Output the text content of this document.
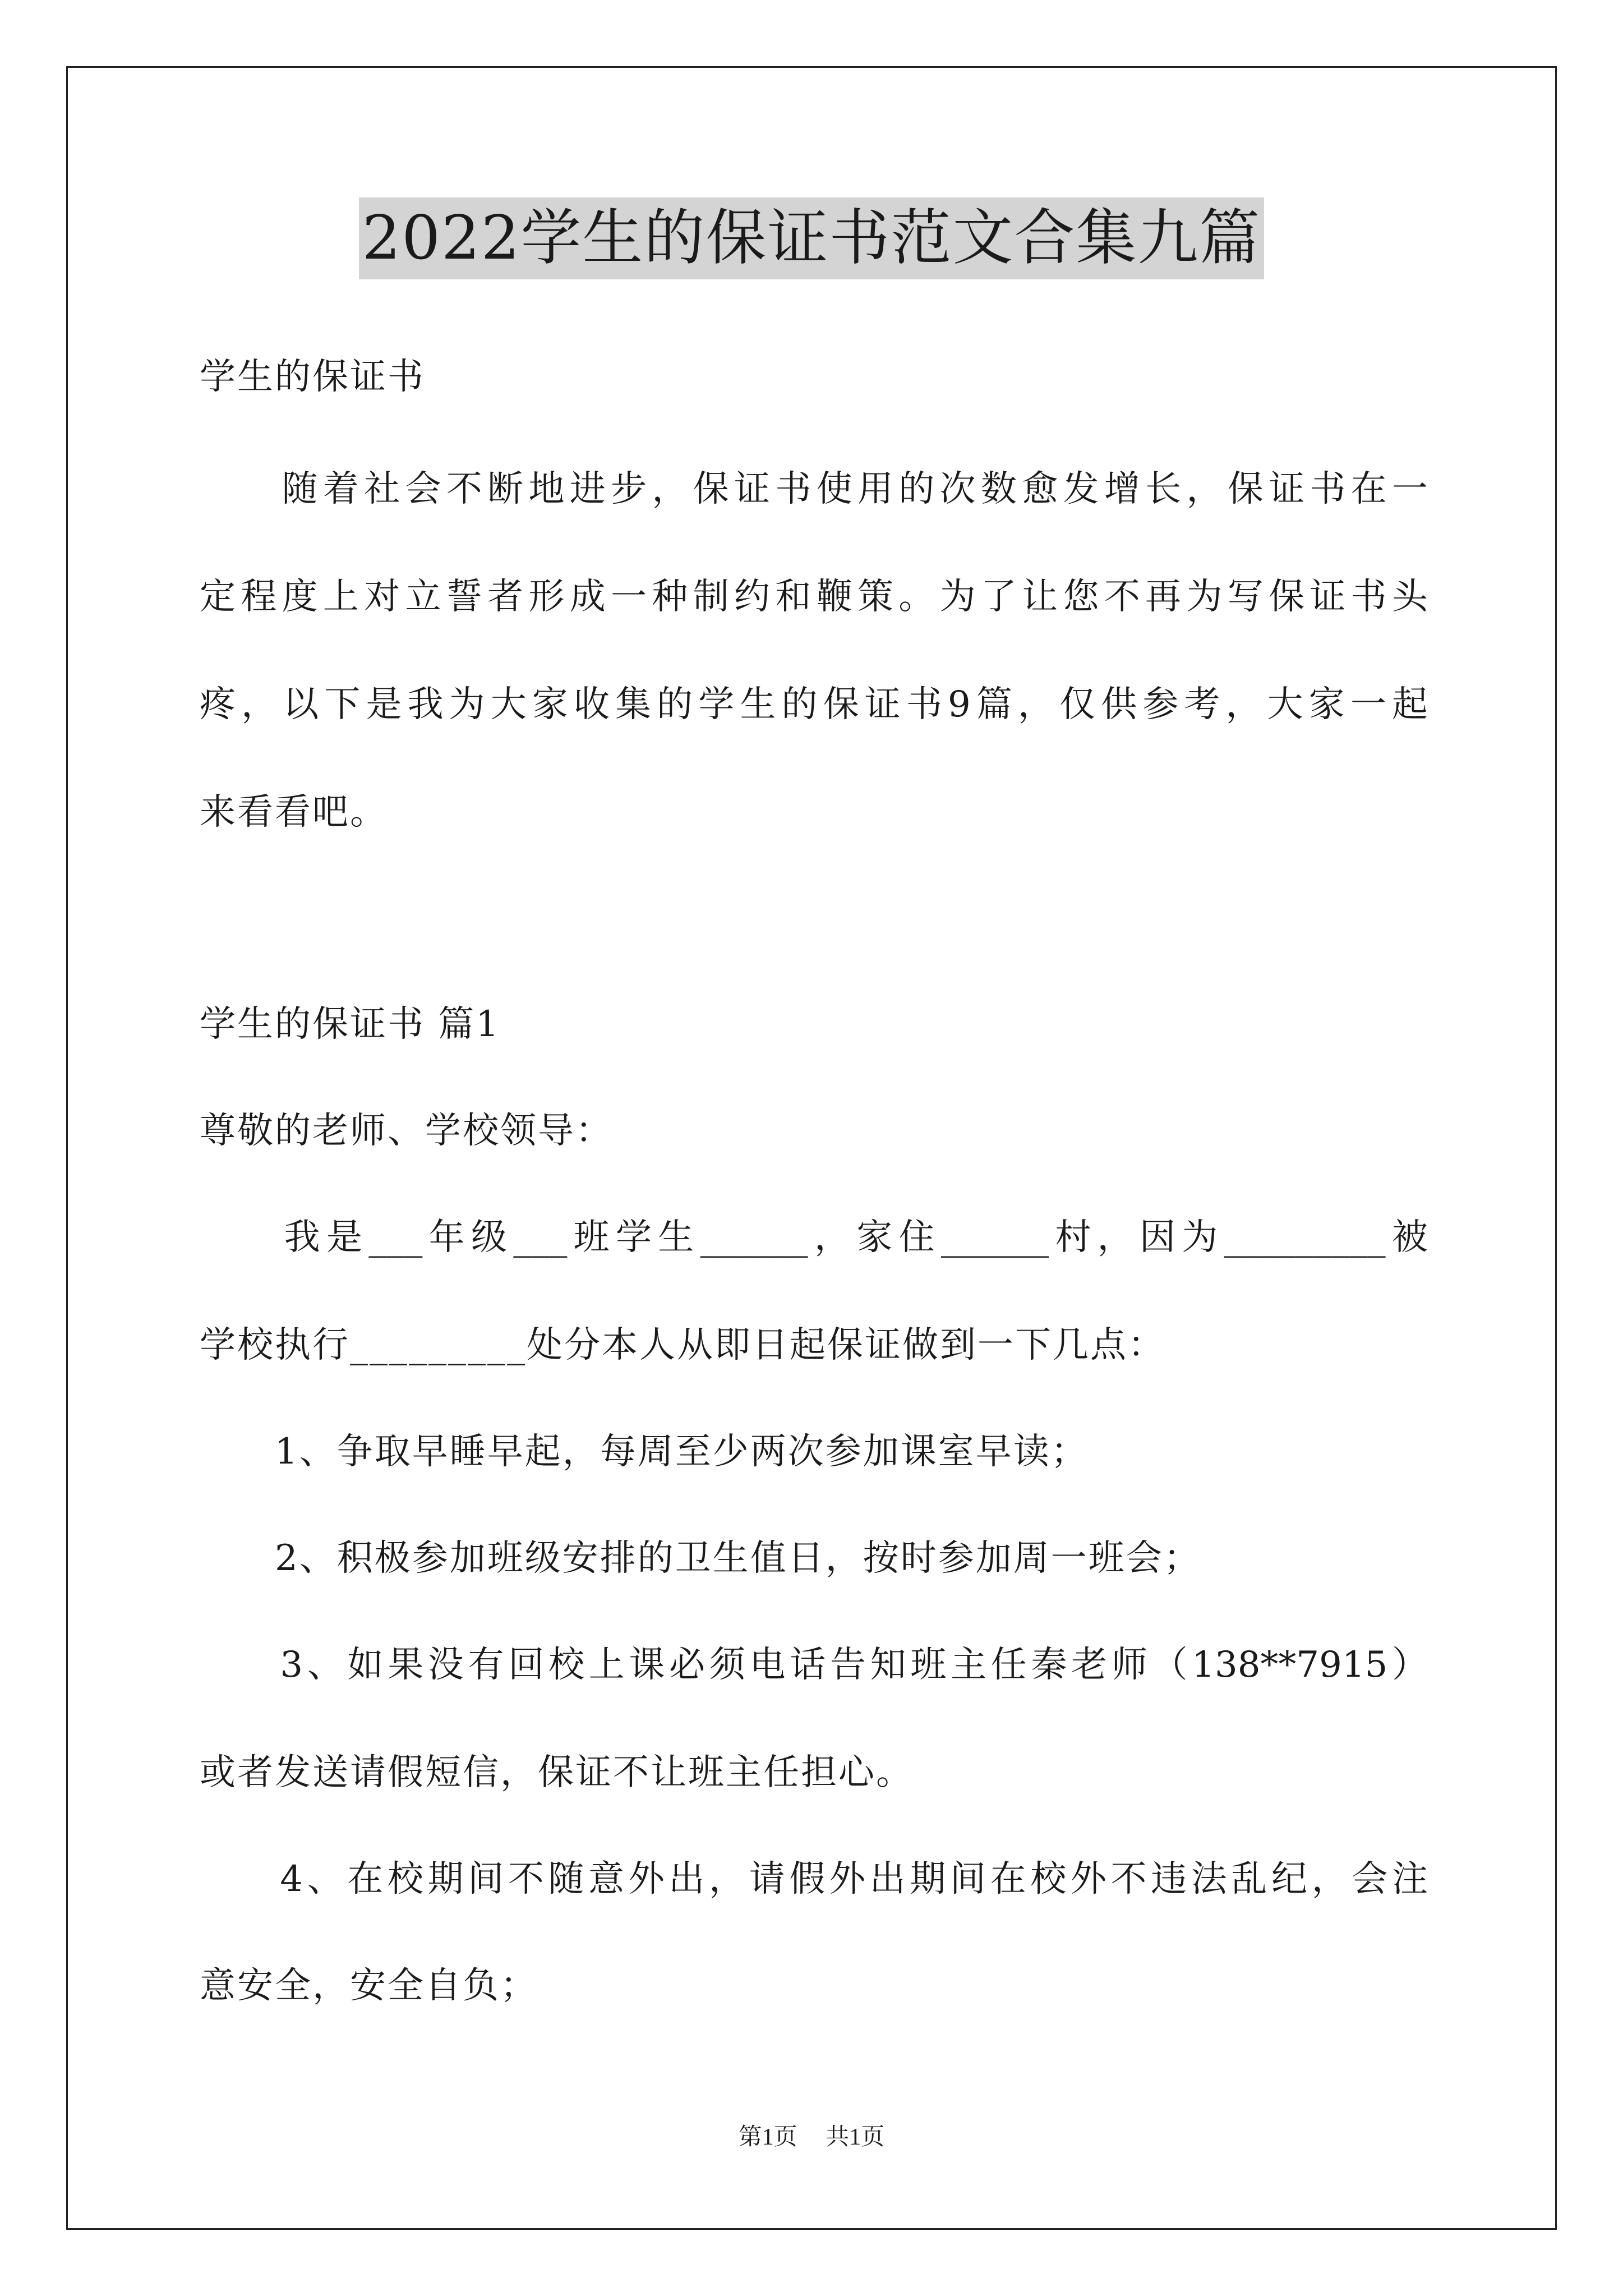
2022学生的保证书范文合集九篇
学生的保证书
　　随着社会不断地进步，保证书使用的次数愈发增长，保证书在一
定程度上对立誓者形成一种制约和鞭策。为了让您不再为写保证书头
疼，以下是我为大家收集的学生的保证书9篇，仅供参考，大家一起
来看看吧。
学生的保证书 篇1
尊敬的老师、学校领导：
　　我是___年级___班学生______，家住______村，因为_________被
学校执行_________处分本人从即日起保证做到一下几点：
　　1、争取早睡早起，每周至少两次参加课室早读；
　　2、积极参加班级安排的卫生值日，按时参加周一班会；
　　3、如果没有回校上课必须电话告知班主任秦老师（138**7915）
或者发送请假短信，保证不让班主任担心。
　　4、在校期间不随意外出，请假外出期间在校外不违法乱纪，会注
意安全，安全自负；
第1页 共1页
